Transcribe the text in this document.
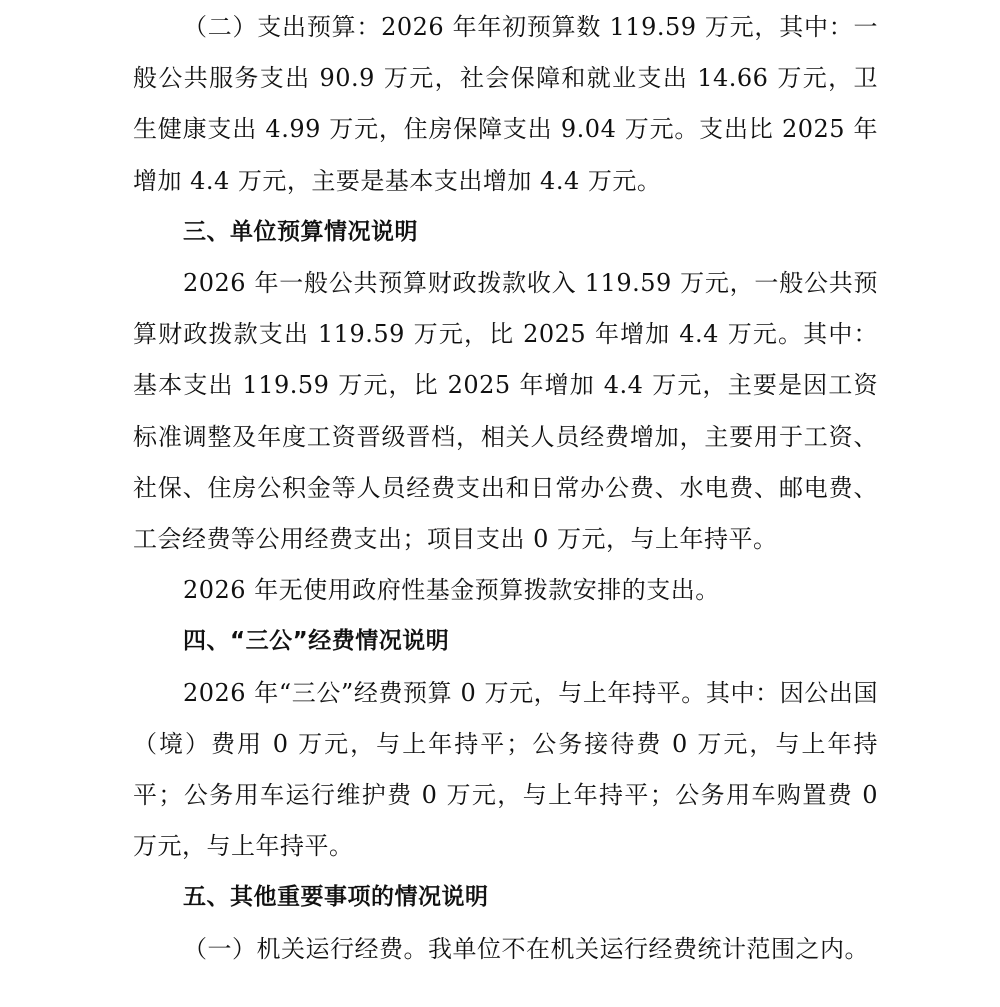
（二）支出预算：2026 年年初预算数 119.59 万元，其中：一般公共服务支出 90.9 万元，社会保障和就业支出 14.66 万元，卫生健康支出 4.99 万元，住房保障支出 9.04 万元。支出比 2025 年增加 4.4 万元，主要是基本支出增加 4.4 万元。

三、单位预算情况说明

2026 年一般公共预算财政拨款收入 119.59 万元，一般公共预算财政拨款支出 119.59 万元，比 2025 年增加 4.4 万元。其中：基本支出 119.59 万元，比 2025 年增加 4.4 万元，主要是因工资标准调整及年度工资晋级晋档，相关人员经费增加，主要用于工资、社保、住房公积金等人员经费支出和日常办公费、水电费、邮电费、工会经费等公用经费支出；项目支出 0 万元，与上年持平。

2026 年无使用政府性基金预算拨款安排的支出。

四、“三公”经费情况说明

2026 年“三公”经费预算 0 万元，与上年持平。其中：因公出国（境）费用 0 万元，与上年持平；公务接待费 0 万元，与上年持平；公务用车运行维护费 0 万元，与上年持平；公务用车购置费 0 万元，与上年持平。

五、其他重要事项的情况说明

（一）机关运行经费。我单位不在机关运行经费统计范围之内。
